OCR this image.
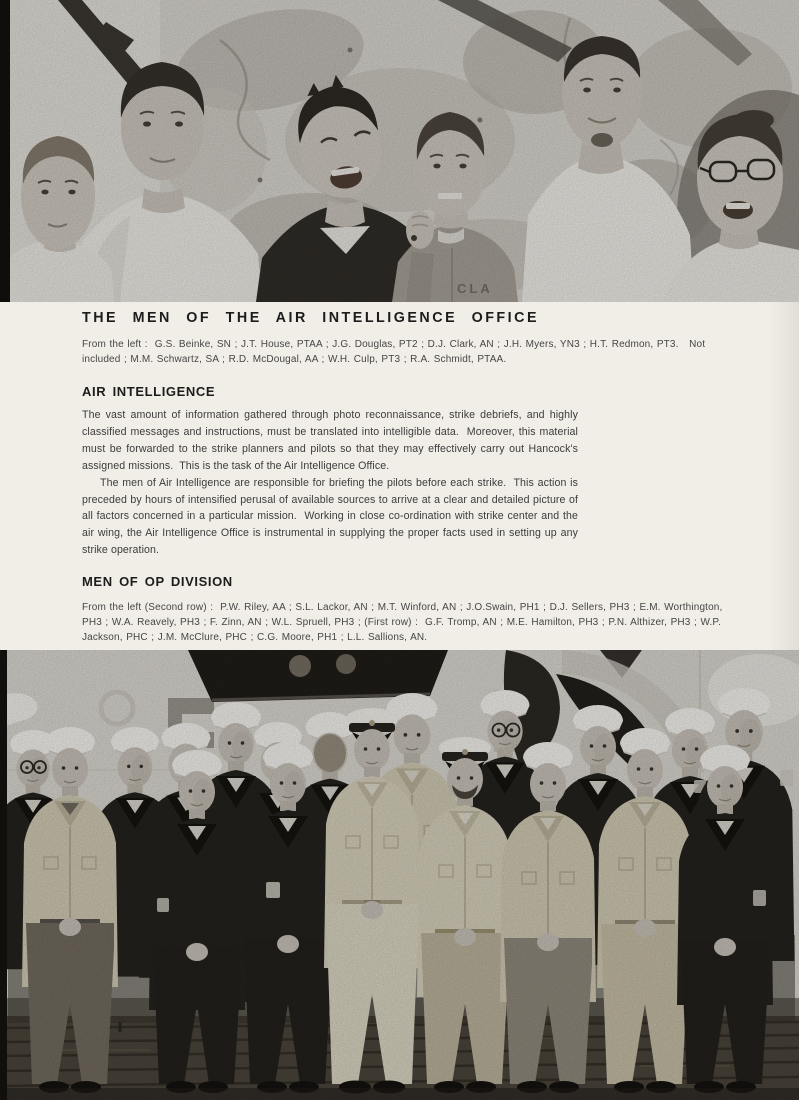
CLA
THE MEN OF THE AIR INTELLIGENCE OFFICE

From the left :  G.S. Beinke, SN ; J.T. House, PTAA ; J.G. Douglas, PT2 ; D.J. Clark, AN ; J.H. Myers, YN3 ; H.T. Redmon, PT3.   Not included ; M.M. Schwartz, SA ; R.D. McDougal, AA ; W.H. Culp, PT3 ; R.A. Schmidt, PTAA.

AIR INTELLIGENCE

The vast amount of information gathered through photo reconnaissance, strike debriefs, and highly classified messages and instructions, must be translated into intelligible data.  Moreover, this material must be forwarded to the strike planners and pilots so that they may effectively carry out Hancock's assigned missions.  This is the task of the Air Intelligence Office.

The men of Air Intelligence are responsible for briefing the pilots before each strike.  This action is preceded by hours of intensified perusal of available sources to arrive at a clear and detailed picture of all factors concerned in a particular mission.  Working in close co-ordination with strike center and the air wing, the Air Intelligence Office is instrumental in supplying the proper facts used in setting up any strike operation.

MEN OF OP DIVISION

From the left (Second row) :  P.W. Riley, AA ; S.L. Lackor, AN ; M.T. Winford, AN ; J.O.Swain, PH1 ; D.J. Sellers, PH3 ; E.M. Worthington, PH3 ; W.A. Reavely, PH3 ; F. Zinn, AN ; W.L. Spruell, PH3 ; (First row) :  G.F. Tromp, AN ; M.E. Hamilton, PH3 ; P.N. Althizer, PH3 ; W.P. Jackson, PHC ; J.M. McClure, PHC ; C.G. Moore, PH1 ; L.L. Sallions, AN.
